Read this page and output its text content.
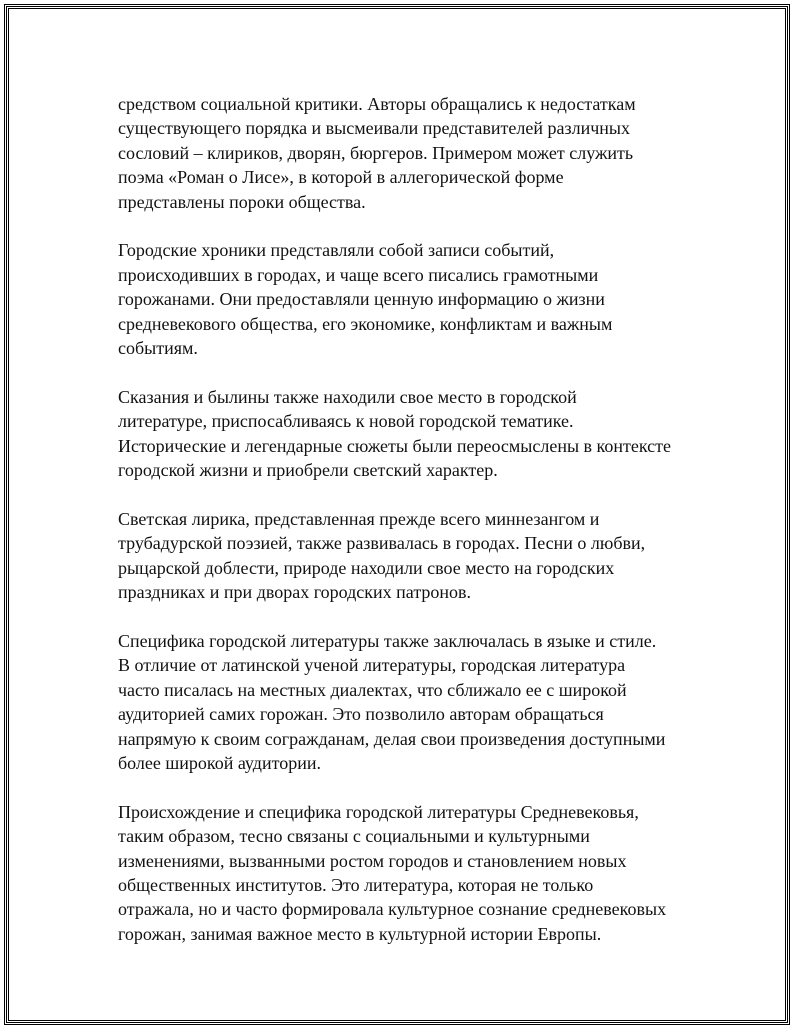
средством социальной критики. Авторы обращались к недостаткам
существующего порядка и высмеивали представителей различных
сословий – клириков, дворян, бюргеров. Примером может служить
поэма «Роман о Лисе», в которой в аллегорической форме
представлены пороки общества.

Городские хроники представляли собой записи событий,
происходивших в городах, и чаще всего писались грамотными
горожанами. Они предоставляли ценную информацию о жизни
средневекового общества, его экономике, конфликтам и важным
событиям.

Сказания и былины также находили свое место в городской
литературе, приспосабливаясь к новой городской тематике.
Исторические и легендарные сюжеты были переосмыслены в контексте
городской жизни и приобрели светский характер.

Светская лирика, представленная прежде всего миннезангом и
трубадурской поэзией, также развивалась в городах. Песни о любви,
рыцарской доблести, природе находили свое место на городских
праздниках и при дворах городских патронов.

Специфика городской литературы также заключалась в языке и стиле.
В отличие от латинской ученой литературы, городская литература
часто писалась на местных диалектах, что сближало ее с широкой
аудиторией самих горожан. Это позволило авторам обращаться
напрямую к своим согражданам, делая свои произведения доступными
более широкой аудитории.

Происхождение и специфика городской литературы Средневековья,
таким образом, тесно связаны с социальными и культурными
изменениями, вызванными ростом городов и становлением новых
общественных институтов. Это литература, которая не только
отражала, но и часто формировала культурное сознание средневековых
горожан, занимая важное место в культурной истории Европы.
